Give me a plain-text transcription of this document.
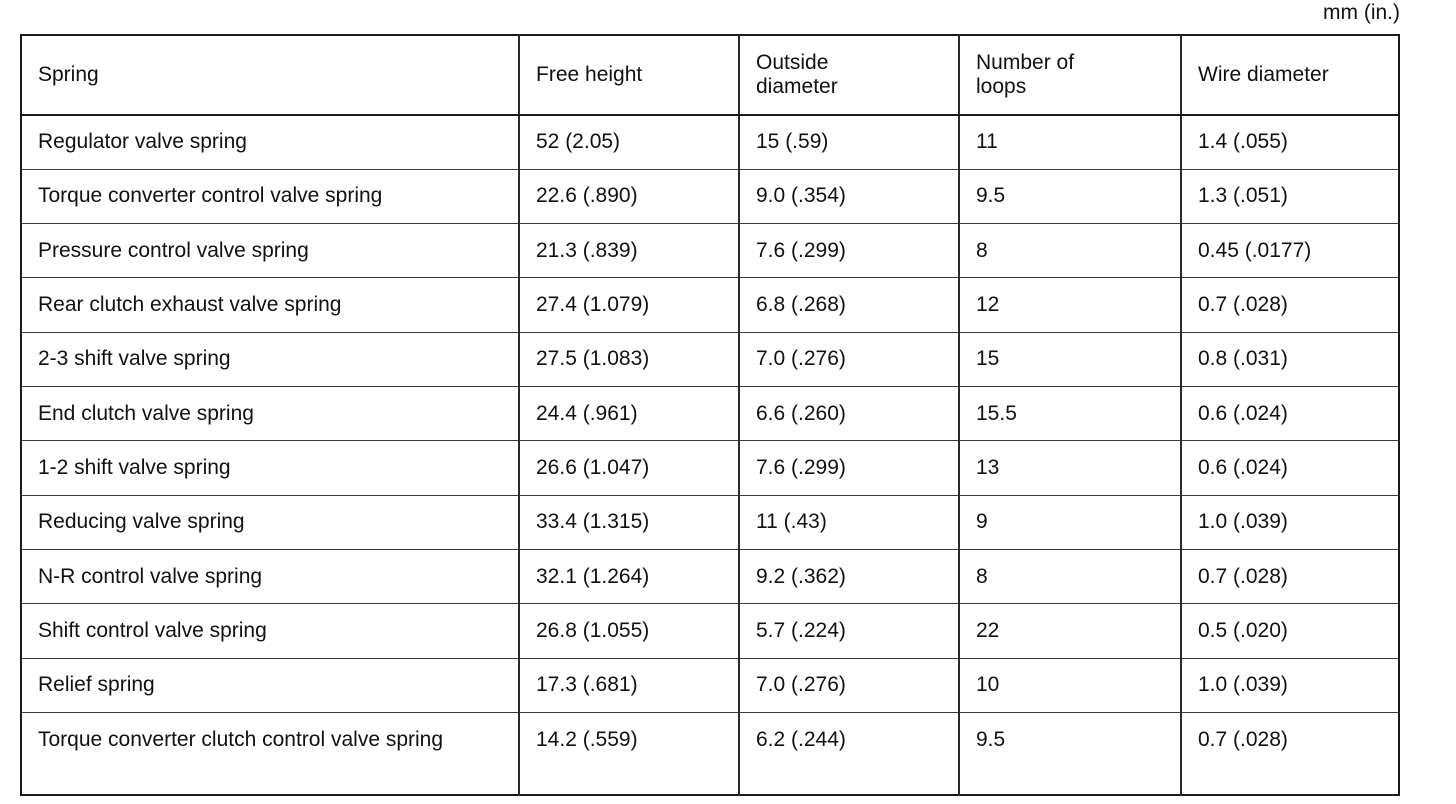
mm (in.)
Spring	Free height	Outside diameter	Number of loops	Wire diameter
Regulator valve spring	52 (2.05)	15 (.59)	11	1.4 (.055)
Torque converter control valve spring	22.6 (.890)	9.0 (.354)	9.5	1.3 (.051)
Pressure control valve spring	21.3 (.839)	7.6 (.299)	8	0.45 (.0177)
Rear clutch exhaust valve spring	27.4 (1.079)	6.8 (.268)	12	0.7 (.028)
2-3 shift valve spring	27.5 (1.083)	7.0 (.276)	15	0.8 (.031)
End clutch valve spring	24.4 (.961)	6.6 (.260)	15.5	0.6 (.024)
1-2 shift valve spring	26.6 (1.047)	7.6 (.299)	13	0.6 (.024)
Reducing valve spring	33.4 (1.315)	11 (.43)	9	1.0 (.039)
N-R control valve spring	32.1 (1.264)	9.2 (.362)	8	0.7 (.028)
Shift control valve spring	26.8 (1.055)	5.7 (.224)	22	0.5 (.020)
Relief spring	17.3 (.681)	7.0 (.276)	10	1.0 (.039)
Torque converter clutch control valve spring	14.2 (.559)	6.2 (.244)	9.5	0.7 (.028)
